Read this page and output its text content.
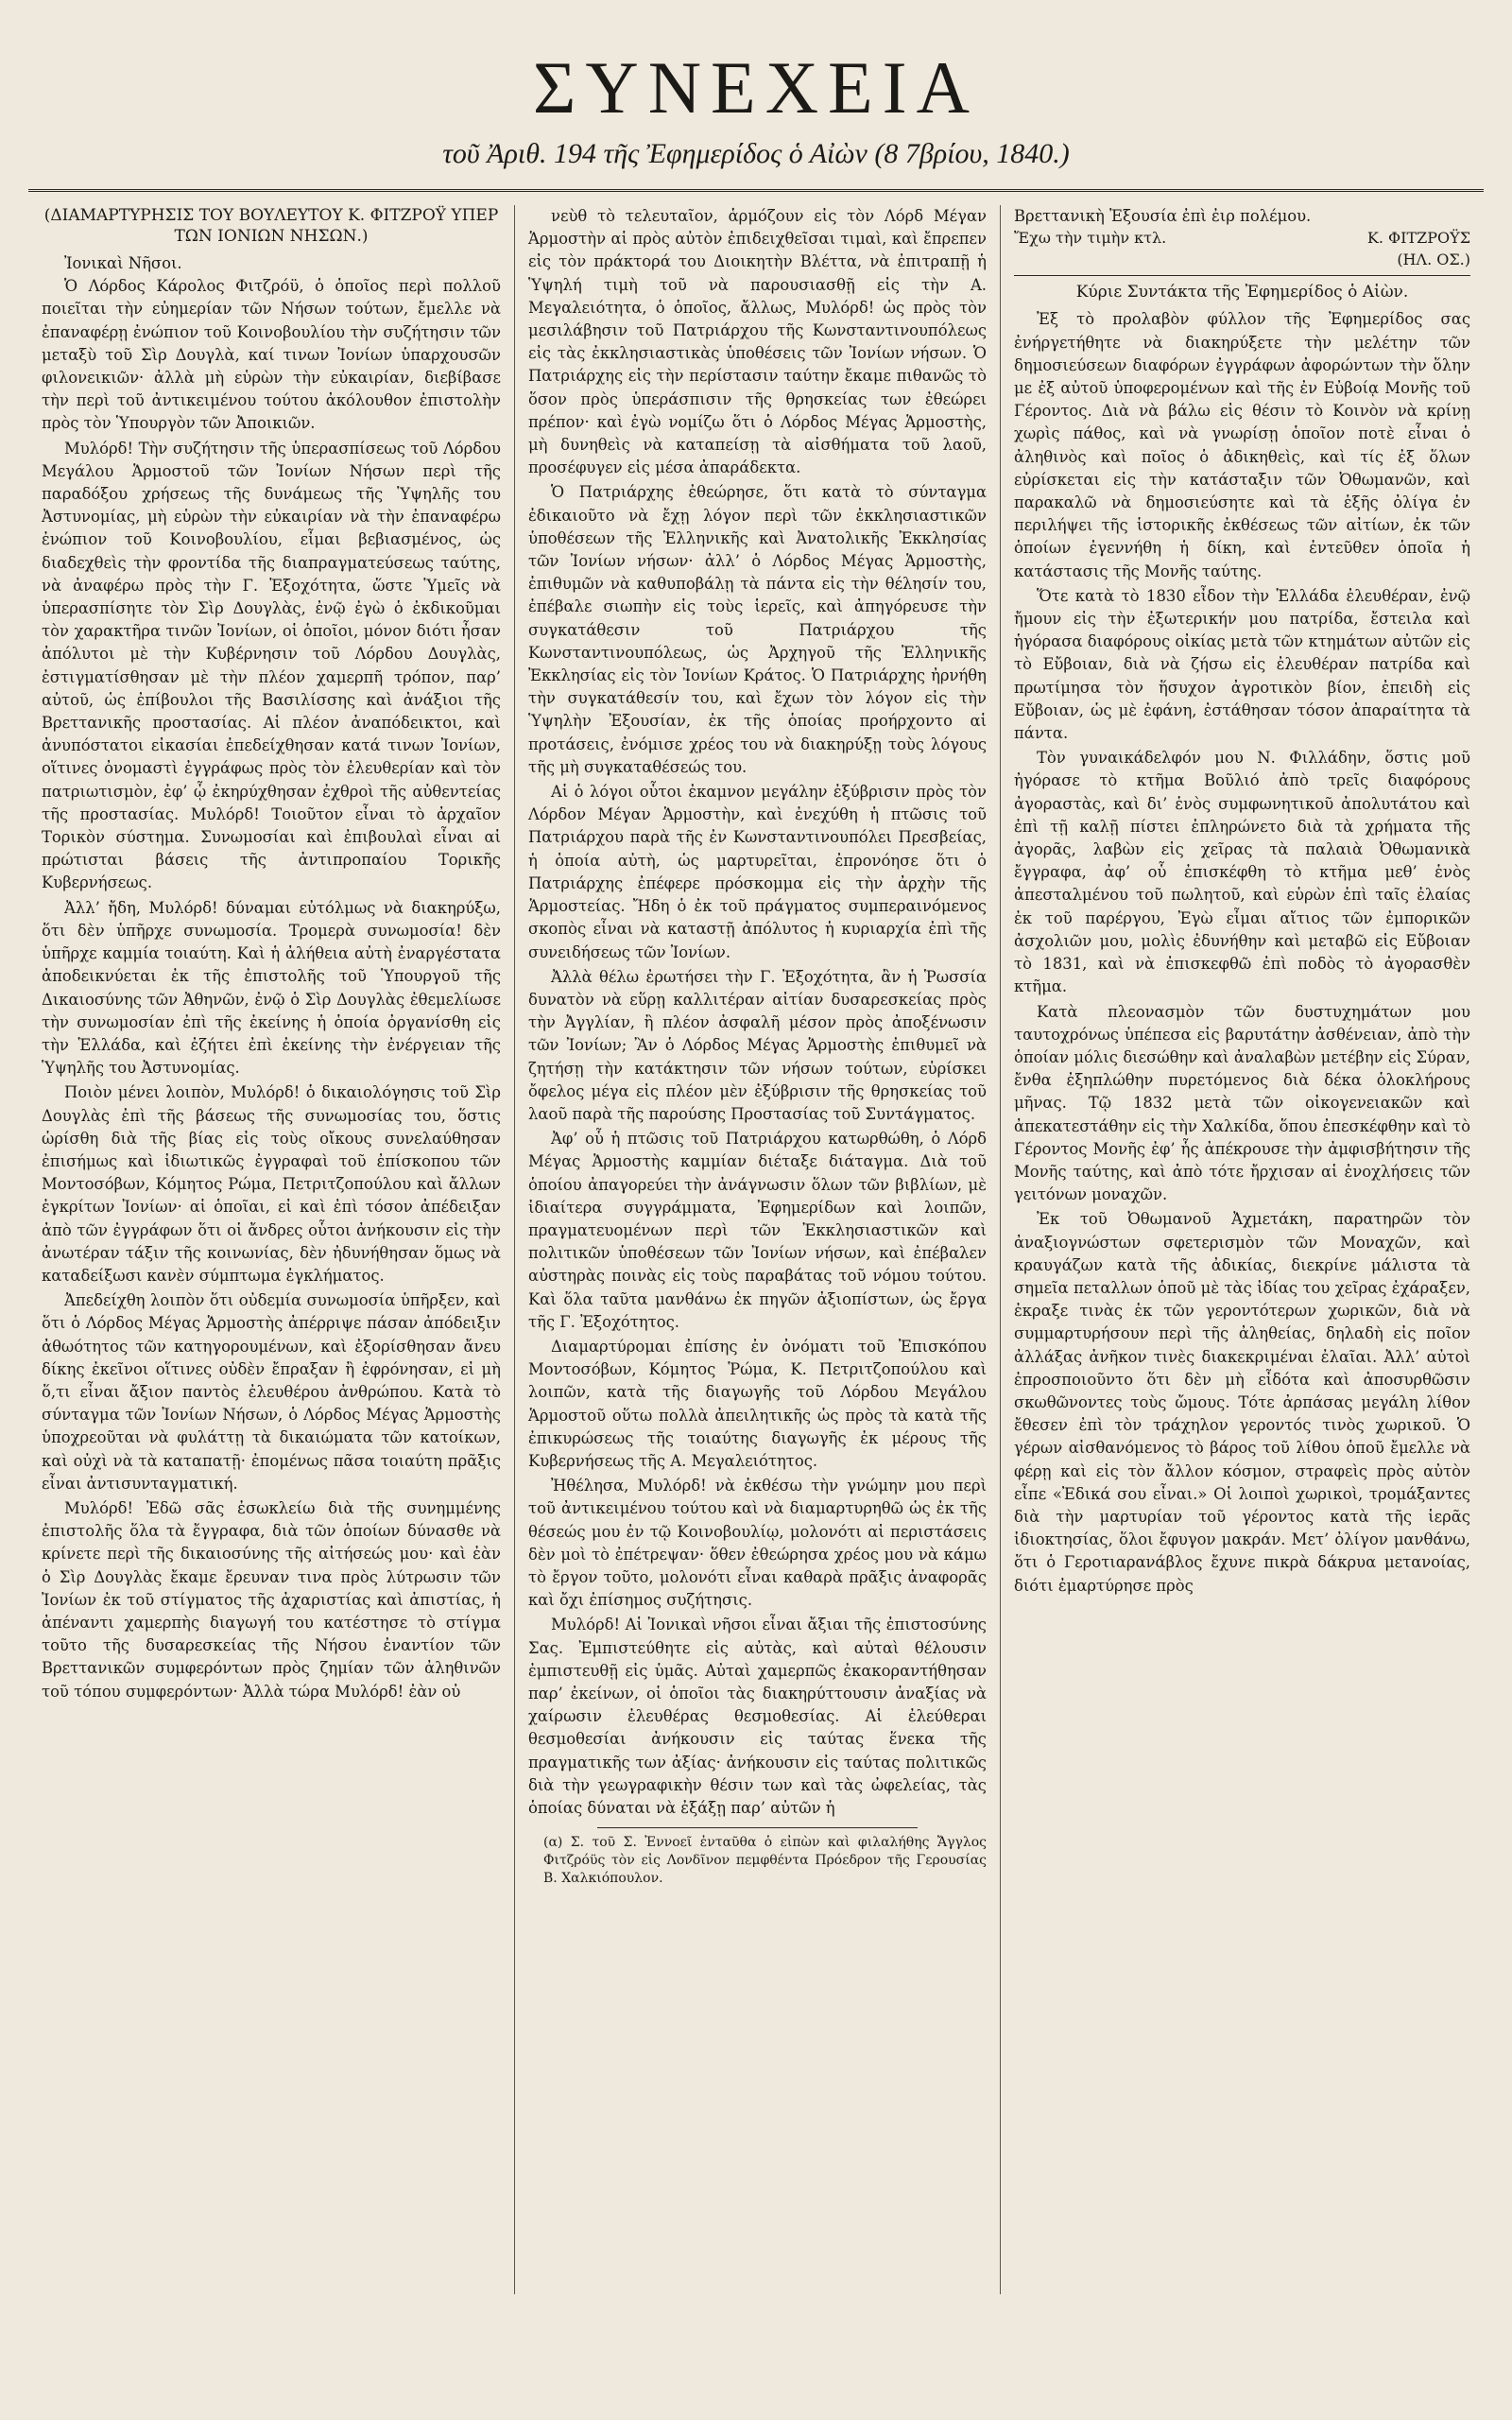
ΣΥΝΕΧΕΙΑ
τοῦ Ἀριθ. 194 τῆς Ἐφημερίδος ὁ Αἰὼν (8 7βρίου, 1840.)
(ΔΙΑΜΑΡΤΥΡΗΣΙΣ ΤΟΥ ΒΟΥΛΕΥΤΟΥ Κ. ΦΙΤΖΡΟΫ ΥΠΕΡ ΤΩΝ ΙΟΝΙΩΝ ΝΗΣΩΝ.)
Ἰονικαὶ Νῆσοι.

Ὁ Λόρδος Κάρολος Φιτζρόϋ, ὁ ὁποῖος περὶ πολλοῦ ποιεῖται τὴν εὐημερίαν τῶν Νήσων τούτων, ἔμελλε νὰ ἐπαναφέρῃ ἐνώπιον τοῦ Κοινοβουλίου τὴν συζήτησιν τῶν μεταξὺ τοῦ Σὶρ Δουγλὰ, καί τινων Ἰονίων ὑπαρχουσῶν φιλονεικιῶν· ἀλλὰ μὴ εὑρὼν τὴν εὐκαιρίαν, διεβίβασε τὴν περὶ τοῦ ἀντικειμένου τούτου ἀκόλουθον ἐπιστολὴν πρὸς τὸν Ὑπουργὸν τῶν Ἀποικιῶν.

Μυλόρδ! Τὴν συζήτησιν τῆς ὑπερασπίσεως τοῦ Λόρδου Μεγάλου Ἁρμοστοῦ τῶν Ἰονίων Νήσων περὶ τῆς παραδόξου χρήσεως τῆς δυνάμεως τῆς Ὑψηλῆς του Ἀστυνομίας, μὴ εὑρὼν τὴν εὐκαιρίαν νὰ τὴν ἐπαναφέρω ἐνώπιον τοῦ Κοινοβουλίου, εἶμαι βεβιασμένος, ὡς διαδεχθεὶς τὴν φροντίδα τῆς διαπραγματεύσεως ταύτης, νὰ ἀναφέρω πρὸς τὴν Γ. Ἐξοχότητα, ὥστε Ὑμεῖς νὰ ὑπερασπίσητε τὸν Σὶρ Δουγλὰς, ἐνῷ ἐγὼ ὁ ἐκδικοῦμαι τὸν χαρακτῆρα τινῶν Ἰονίων, οἱ ὁποῖοι, μόνον διότι ἦσαν ἀπόλυτοι μὲ τὴν Κυβέρνησιν τοῦ Λόρδου Δουγλὰς, ἐστιγματίσθησαν μὲ τὴν πλέον χαμερπῆ τρόπον, παρ’ αὐτοῦ, ὡς ἐπίβουλοι τῆς Βασιλίσσης καὶ ἀνάξιοι τῆς Βρεττανικῆς προστασίας. Αἱ πλέον ἀναπόδεικτοι, καὶ ἀνυπόστατοι εἰκασίαι ἐπεδείχθησαν κατά τινων Ἰονίων, οἵτινες ὀνομαστὶ ἐγγράφως πρὸς τὸν ἐλευθερίαν καὶ τὸν πατριωτισμὸν, ἐφ’ ᾧ ἐκηρύχθησαν ἐχθροὶ τῆς αὐθεντείας τῆς προστασίας. Μυλόρδ! Τοιοῦτον εἶναι τὸ ἀρχαῖον Τορικὸν σύστημα. Συνωμοσίαι καὶ ἐπιβουλαὶ εἶναι αἱ πρώτισται βάσεις τῆς ἀντιπροπαίου Τορικῆς Κυβερνήσεως.

Ἀλλ’ ἤδη, Μυλόρδ! δύναμαι εὐτόλμως νὰ διακηρύξω, ὅτι δὲν ὑπῆρχε συνωμοσία. Τρομερὰ συνωμοσία! δὲν ὑπῆρχε καμμία τοιαύτη. Καὶ ἡ ἀλήθεια αὐτὴ ἐναργέστατα ἀποδεικνύεται ἐκ τῆς ἐπιστολῆς τοῦ Ὑπουργοῦ τῆς Δικαιοσύνης τῶν Ἀθηνῶν, ἐνῷ ὁ Σὶρ Δουγλὰς ἐθεμελίωσε τὴν συνωμοσίαν ἐπὶ τῆς ἐκείνης ἡ ὁποία ὀργανίσθη εἰς τὴν Ἑλλάδα, καὶ ἐζήτει ἐπὶ ἐκείνης τὴν ἐνέργειαν τῆς Ὑψηλῆς του Ἀστυνομίας.

Ποιὸν μένει λοιπὸν, Μυλόρδ! ὁ δικαιολόγησις τοῦ Σὶρ Δουγλὰς ἐπὶ τῆς βάσεως τῆς συνωμοσίας του, ὅστις ὡρίσθη διὰ τῆς βίας εἰς τοὺς οἴκους συνελαύθησαν ἐπισήμως καὶ ἰδιωτικῶς ἐγγραφαὶ τοῦ ἐπίσκοπου τῶν Μοντοσόβων, Κόμητος Ρώμα, Πετριτζοπούλου καὶ ἄλλων ἐγκρίτων Ἰονίων· αἱ ὁποῖαι, εἰ καὶ ἐπὶ τόσον ἀπέδειξαν ἀπὸ τῶν ἐγγράφων ὅτι οἱ ἄνδρες οὗτοι ἀνήκουσιν εἰς τὴν ἀνωτέραν τάξιν τῆς κοινωνίας, δὲν ἠδυνήθησαν ὅμως νὰ καταδείξωσι κανὲν σύμπτωμα ἐγκλήματος.

Ἀπεδείχθη λοιπὸν ὅτι οὐδεμία συνωμοσία ὑπῆρξεν, καὶ ὅτι ὁ Λόρδος Μέγας Ἁρμοστὴς ἀπέρριψε πάσαν ἀπόδειξιν ἀθωότητος τῶν κατηγορουμένων, καὶ ἐξορίσθησαν ἄνευ δίκης ἐκεῖνοι οἵτινες οὐδὲν ἔπραξαν ἢ ἐφρόνησαν, εἰ μὴ ὅ,τι εἶναι ἄξιον παντὸς ἐλευθέρου ἀνθρώπου. Κατὰ τὸ σύνταγμα τῶν Ἰονίων Νήσων, ὁ Λόρδος Μέγας Ἁρμοστὴς ὑποχρεοῦται νὰ φυλάττῃ τὰ δικαιώματα τῶν κατοίκων, καὶ οὐχὶ νὰ τὰ καταπατῇ· ἐπομένως πᾶσα τοιαύτη πρᾶξις εἶναι ἀντισυνταγματική.

Μυλόρδ! Ἐδῶ σᾶς ἐσωκλείω διὰ τῆς συνημμένης ἐπιστολῆς ὅλα τὰ ἔγγραφα, διὰ τῶν ὁποίων δύνασθε νὰ κρίνετε περὶ τῆς δικαιοσύνης τῆς αἰτήσεώς μου· καὶ ἐὰν ὁ Σὶρ Δουγλὰς ἔκαμε ἔρευναν τινα πρὸς λύτρωσιν τῶν Ἰονίων ἐκ τοῦ στίγματος τῆς ἀχαριστίας καὶ ἀπιστίας, ἡ ἀπέναντι χαμερπὴς διαγωγή του κατέστησε τὸ στίγμα τοῦτο τῆς δυσαρεσκείας τῆς Νήσου ἐναντίον τῶν Βρεττανικῶν συμφερόντων πρὸς ζημίαν τῶν ἀληθινῶν τοῦ τόπου συμφερόντων· Ἀλλὰ τώρα Μυλόρδ! ἐὰν οὐ

νεὺθ τὸ τελευταῖον, ἁρμόζουν εἰς τὸν Λόρδ Μέγαν Ἁρμοστὴν αἱ πρὸς αὐτὸν ἐπιδειχθεῖσαι τιμαὶ, καὶ ἔπρεπεν εἰς τὸν πράκτορά του Διοικητὴν Βλέττα, νὰ ἐπιτραπῇ ἡ Ὑψηλή τιμὴ τοῦ νὰ παρουσιασθῇ εἰς τὴν Α. Μεγαλειότητα, ὁ ὁποῖος, ἄλλως, Μυλόρδ! ὡς πρὸς τὸν μεσιλάβησιν τοῦ Πατριάρχου τῆς Κωνσταντινουπόλεως εἰς τὰς ἐκκλησιαστικὰς ὑποθέσεις τῶν Ἰονίων νήσων. Ὁ Πατριάρχης εἰς τὴν περίστασιν ταύτην ἔκαμε πιθανῶς τὸ ὅσον πρὸς ὑπεράσπισιν τῆς θρησκείας των ἐθεώρει πρέπον· καὶ ἐγὼ νομίζω ὅτι ὁ Λόρδος Μέγας Ἁρμοστὴς, μὴ δυνηθεὶς νὰ καταπείσῃ τὰ αἰσθήματα τοῦ λαοῦ, προσέφυγεν εἰς μέσα ἀπαράδεκτα.

Ὁ Πατριάρχης ἐθεώρησε, ὅτι κατὰ τὸ σύνταγμα ἐδικαιοῦτο νὰ ἔχῃ λόγον περὶ τῶν ἐκκλησιαστικῶν ὑποθέσεων τῆς Ἑλληνικῆς καὶ Ἀνατολικῆς Ἐκκλησίας τῶν Ἰονίων νήσων· ἀλλ’ ὁ Λόρδος Μέγας Ἁρμοστὴς, ἐπιθυμῶν νὰ καθυποβάλῃ τὰ πάντα εἰς τὴν θέλησίν του, ἐπέβαλε σιωπὴν εἰς τοὺς ἱερεῖς, καὶ ἀπηγόρευσε τὴν συγκατάθεσιν τοῦ Πατριάρχου τῆς Κωνσταντινουπόλεως, ὡς Ἀρχηγοῦ τῆς Ἑλληνικῆς Ἐκκλησίας εἰς τὸν Ἰονίων Κράτος. Ὁ Πατριάρχης ἠρνήθη τὴν συγκατάθεσίν του, καὶ ἔχων τὸν λόγον εἰς τὴν Ὑψηλὴν Ἐξουσίαν, ἐκ τῆς ὁποίας προήρχοντο αἱ προτάσεις, ἐνόμισε χρέος του νὰ διακηρύξῃ τοὺς λόγους τῆς μὴ συγκαταθέσεώς του.

Αἱ ὁ λόγοι οὗτοι ἐκαμνον μεγάλην ἐξύβρισιν πρὸς τὸν Λόρδον Μέγαν Ἁρμοστὴν, καὶ ἐνεχύθη ἡ πτῶσις τοῦ Πατριάρχου παρὰ τῆς ἐν Κωνσταντινουπόλει Πρεσβείας, ἡ ὁποία αὐτὴ, ὡς μαρτυρεῖται, ἐπρονόησε ὅτι ὁ Πατριάρχης ἐπέφερε πρόσκομμα εἰς τὴν ἀρχὴν τῆς Ἁρμοστείας. Ἤδη ὁ ἐκ τοῦ πράγματος συμπεραινόμενος σκοπὸς εἶναι νὰ καταστῇ ἀπόλυτος ἡ κυριαρχία ἐπὶ τῆς συνειδήσεως τῶν Ἰονίων.

Ἀλλὰ θέλω ἐρωτήσει τὴν Γ. Ἐξοχότητα, ἂν ἡ Ῥωσσία δυνατὸν νὰ εὕρῃ καλλιτέραν αἰτίαν δυσαρεσκείας πρὸς τὴν Ἀγγλίαν, ἢ πλέον ἀσφαλῆ μέσον πρὸς ἀποξένωσιν τῶν Ἰονίων; Ἂν ὁ Λόρδος Μέγας Ἁρμοστὴς ἐπιθυμεῖ νὰ ζητήσῃ τὴν κατάκτησιν τῶν νήσων τούτων, εὑρίσκει ὄφελος μέγα εἰς πλέον μὲν ἐξύβρισιν τῆς θρησκείας τοῦ λαοῦ παρὰ τῆς παρούσης Προστασίας τοῦ Συντάγματος.

Ἀφ’ οὗ ἡ πτῶσις τοῦ Πατριάρχου κατωρθώθη, ὁ Λόρδ Μέγας Ἁρμοστὴς καμμίαν διέταξε διάταγμα. Διὰ τοῦ ὁποίου ἀπαγορεύει τὴν ἀνάγνωσιν ὅλων τῶν βιβλίων, μὲ ἰδιαίτερα συγγράμματα, Ἐφημερίδων καὶ λοιπῶν, πραγματευομένων περὶ τῶν Ἐκκλησιαστικῶν καὶ πολιτικῶν ὑποθέσεων τῶν Ἰονίων νήσων, καὶ ἐπέβαλεν αὐστηρὰς ποινὰς εἰς τοὺς παραβάτας τοῦ νόμου τούτου. Καὶ ὅλα ταῦτα μανθάνω ἐκ πηγῶν ἀξιοπίστων, ὡς ἔργα τῆς Γ. Ἐξοχότητος.

Διαμαρτύρομαι ἐπίσης ἐν ὀνόματι τοῦ Ἐπισκόπου Μοντοσόβων, Κόμητος Ῥώμα, Κ. Πετριτζοπούλου καὶ λοιπῶν, κατὰ τῆς διαγωγῆς τοῦ Λόρδου Μεγάλου Ἁρμοστοῦ οὕτω πολλὰ ἀπειλητικῆς ὡς πρὸς τὰ κατὰ τῆς ἐπικυρώσεως τῆς τοιαύτης διαγωγῆς ἐκ μέρους τῆς Κυβερνήσεως τῆς Α. Μεγαλειότητος.

Ἠθέλησα, Μυλόρδ! νὰ ἐκθέσω τὴν γνώμην μου περὶ τοῦ ἀντικειμένου τούτου καὶ νὰ διαμαρτυρηθῶ ὡς ἐκ τῆς θέσεώς μου ἐν τῷ Κοινοβουλίῳ, μολονότι αἱ περιστάσεις δὲν μοὶ τὸ ἐπέτρεψαν· ὅθεν ἐθεώρησα χρέος μου νὰ κάμω τὸ ἔργον τοῦτο, μολονότι εἶναι καθαρὰ πρᾶξις ἀναφορᾶς καὶ ὄχι ἐπίσημος συζήτησις.

Μυλόρδ! Αἱ Ἰονικαὶ νῆσοι εἶναι ἄξιαι τῆς ἐπιστοσύνης Σας. Ἐμπιστεύθητε εἰς αὐτὰς, καὶ αὐταὶ θέλουσιν ἐμπιστευθῇ εἰς ὑμᾶς. Αὐταὶ χαμερπῶς ἐκακοραντήθησαν παρ’ ἐκείνων, οἱ ὁποῖοι τὰς διακηρύττουσιν ἀναξίας νὰ χαίρωσιν ἐλευθέρας θεσμοθεσίας. Αἱ ἐλεύθεραι θεσμοθεσίαι ἀνήκουσιν εἰς ταύτας ἕνεκα τῆς πραγματικῆς των ἀξίας· ἀνήκουσιν εἰς ταύτας πολιτικῶς διὰ τὴν γεωγραφικὴν θέσιν των καὶ τὰς ὠφελείας, τὰς ὁποίας δύναται νὰ ἐξάξῃ παρ’ αὐτῶν ἡ

(α) Σ. τοῦ Σ. Ἐννοεῖ ἐνταῦθα ὁ εἰπὼν καὶ φιλαλήθης Ἄγγλος Φιτζρόϋς τὸν εἰς Λονδῖνον πεμφθέντα Πρόεδρον τῆς Γερουσίας Β. Χαλκιόπουλον.
Βρεττανικὴ Ἐξουσία ἐπὶ ἐιρ πολέμου.
Ἔχω τὴν τιμὴν κτλ.	Κ. ΦΙΤΖΡΟΫΣ
(ΗΛ. ΟΣ.)
Κύριε Συντάκτα τῆς Ἐφημερίδος ὁ Αἰὼν.

Ἐξ τὸ προλαβὸν φύλλον τῆς Ἐφημερίδος σας ἐνήργετήθητε νὰ διακηρύξετε τὴν μελέτην τῶν δημοσιεύσεων διαφόρων ἐγγράφων ἀφορώντων τὴν ὅλην με ἐξ αὐτοῦ ὑποφερομένων καὶ τῆς ἐν Εὐβοίᾳ Μονῆς τοῦ Γέροντος. Διὰ νὰ βάλω εἰς θέσιν τὸ Κοινὸν νὰ κρίνῃ χωρὶς πάθος, καὶ νὰ γνωρίσῃ ὁποῖον ποτὲ εἶναι ὁ ἀληθινὸς καὶ ποῖος ὁ ἀδικηθεὶς, καὶ τίς ἐξ ὅλων εὐρίσκεται εἰς τὴν κατάσταξιν τῶν Ὀθωμανῶν, καὶ παρακαλῶ νὰ δημοσιεύσητε καὶ τὰ ἑξῆς ὀλίγα ἐν περιλήψει τῆς ἱστορικῆς ἐκθέσεως τῶν αἰτίων, ἐκ τῶν ὁποίων ἐγεννήθη ἡ δίκη, καὶ ἐντεῦθεν ὁποῖα ἡ κατάστασις τῆς Μονῆς ταύτης.

Ὅτε κατὰ τὸ 1830 εἶδον τὴν Ἑλλάδα ἐλευθέραν, ἐνῷ ἤμουν εἰς τὴν ἐξωτερικήν μου πατρίδα, ἔστειλα καὶ ἡγόρασα διαφόρους οἰκίας μετὰ τῶν κτημάτων αὐτῶν εἰς τὸ Εὔβοιαν, διὰ νὰ ζήσω εἰς ἐλευθέραν πατρίδα καὶ πρωτίμησα τὸν ἥσυχον ἀγροτικὸν βίον, ἐπειδὴ εἰς Εὔβοιαν, ὡς μὲ ἐφάνη, ἐστάθησαν τόσον ἀπαραίτητα τὰ πάντα.

Τὸν γυναικάδελφόν μου Ν. Φιλλάδην, ὅστις μοῦ ἠγόρασε τὸ κτῆμα Βοῦλιό ἀπὸ τρεῖς διαφόρους ἀγοραστὰς, καὶ δι’ ἑνὸς συμφωνητικοῦ ἀπολυτάτου καὶ ἐπὶ τῇ καλῇ πίστει ἐπληρώνετο διὰ τὰ χρήματα τῆς ἀγορᾶς, λαβὼν εἰς χεῖρας τὰ παλαιὰ Ὀθωμανικὰ ἔγγραφα, ἀφ’ οὗ ἐπισκέφθη τὸ κτῆμα μεθ’ ἑνὸς ἀπεσταλμένου τοῦ πωλητοῦ, καὶ εὑρὼν ἐπὶ ταῖς ἐλαίας ἐκ τοῦ παρέργου, Ἐγὼ εἶμαι αἴτιος τῶν ἐμπορικῶν ἀσχολιῶν μου, μολὶς ἐδυνήθην καὶ μεταβῶ εἰς Εὔβοιαν τὸ 1831, καὶ νὰ ἐπισκεφθῶ ἐπὶ ποδὸς τὸ ἀγορασθὲν κτῆμα.

Κατὰ πλεονασμὸν τῶν δυστυχημάτων μου ταυτοχρόνως ὑπέπεσα εἰς βαρυτάτην ἀσθένειαν, ἀπὸ τὴν ὁποίαν μόλις διεσώθην καὶ ἀναλαβὼν μετέβην εἰς Σύραν, ἔνθα ἐξηπλώθην πυρετόμενος διὰ δέκα ὁλοκλήρους μῆνας. Τῷ 1832 μετὰ τῶν οἰκογενειακῶν καὶ ἀπεκατεστάθην εἰς τὴν Χαλκίδα, ὅπου ἐπεσκέφθην καὶ τὸ Γέροντος Μονῆς ἐφ’ ἧς ἀπέκρουσε τὴν ἀμφισβήτησιν τῆς Μονῆς ταύτης, καὶ ἀπὸ τότε ἤρχισαν αἱ ἐνοχλήσεις τῶν γειτόνων μοναχῶν.

Ἐκ τοῦ Ὀθωμανοῦ Ἀχμετάκη, παρατηρῶν τὸν ἀναξιογνώστων σφετερισμὸν τῶν Μοναχῶν, καὶ κραυγάζων κατὰ τῆς ἀδικίας, διεκρίνε μάλιστα τὰ σημεῖα πεταλλων ὁποῦ μὲ τὰς ἰδίας του χεῖρας ἐχάραξεν, ἐκραξε τινὰς ἐκ τῶν γεροντότερων χωρικῶν, διὰ νὰ συμμαρτυρήσουν περὶ τῆς ἀληθείας, δηλαδὴ εἰς ποῖον ἀλλάξας ἀνῆκον τινὲς διακεκριμέναι ἐλαῖαι. Ἀλλ’ αὐτοὶ ἐπροσποιοῦντο ὅτι δὲν μὴ εἶδότα καὶ ἀποσυρθῶσιν σκωθῶνοντες τοὺς ὤμους. Τότε ἀρπάσας μεγάλη λίθον ἔθεσεν ἐπὶ τὸν τράχηλον γεροντός τινὸς χωρικοῦ. Ὁ γέρων αἰσθανόμενος τὸ βάρος τοῦ λίθου ὁποῦ ἔμελλε νὰ φέρῃ καὶ εἰς τὸν ἄλλον κόσμον, στραφεὶς πρὸς αὐτὸν εἶπε «Ἐδικά σου εἶναι.» Οἱ λοιποὶ χωρικοὶ, τρομάξαντες διὰ τὴν μαρτυρίαν τοῦ γέροντος κατὰ τῆς ἱερᾶς ἰδιοκτησίας, ὅλοι ἔφυγον μακράν. Μετ’ ὀλίγον μανθάνω, ὅτι ὁ Γεροτιαρανάβλος ἔχυνε πικρὰ δάκρυα μετανοίας, διότι ἐμαρτύρησε πρὸς
